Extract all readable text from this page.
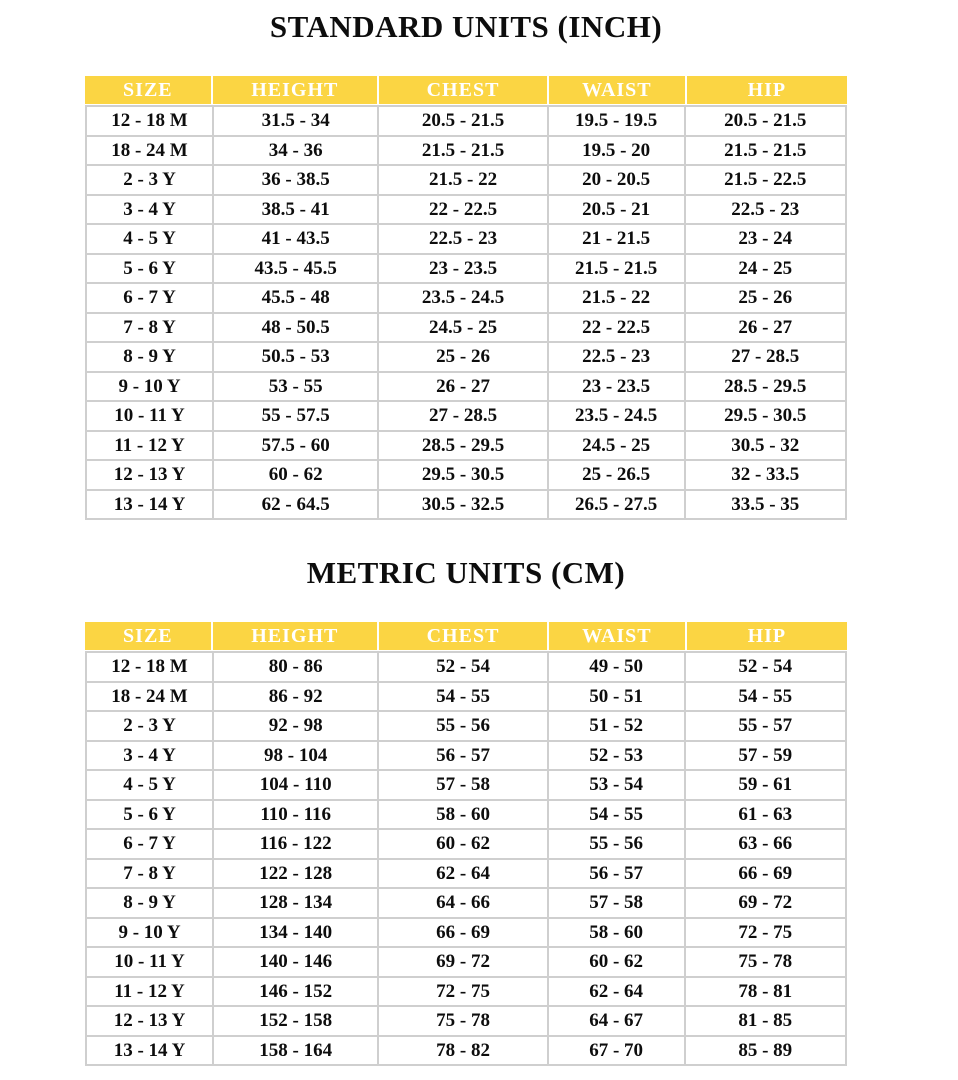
STANDARD UNITS (INCH)
SIZE	HEIGHT	CHEST	WAIST	HIP
12 - 18 M	31.5 - 34	20.5 - 21.5	19.5 - 19.5	20.5 - 21.5
18 - 24 M	34 - 36	21.5 - 21.5	19.5 - 20	21.5 - 21.5
2 - 3 Y	36 - 38.5	21.5 - 22	20 - 20.5	21.5 - 22.5
3 - 4 Y	38.5 - 41	22 - 22.5	20.5 - 21	22.5 - 23
4 - 5 Y	41 - 43.5	22.5 - 23	21 - 21.5	23 - 24
5 - 6 Y	43.5 - 45.5	23 - 23.5	21.5 - 21.5	24 - 25
6 - 7 Y	45.5 - 48	23.5 - 24.5	21.5 - 22	25 - 26
7 - 8 Y	48 - 50.5	24.5 - 25	22 - 22.5	26 - 27
8 - 9 Y	50.5 - 53	25 - 26	22.5 - 23	27 - 28.5
9 - 10 Y	53 - 55	26 - 27	23 - 23.5	28.5 - 29.5
10 - 11 Y	55 - 57.5	27 - 28.5	23.5 - 24.5	29.5 - 30.5
11 - 12 Y	57.5 - 60	28.5 - 29.5	24.5 - 25	30.5 - 32
12 - 13 Y	60 - 62	29.5 - 30.5	25 - 26.5	32 - 33.5
13 - 14 Y	62 - 64.5	30.5 - 32.5	26.5 - 27.5	33.5 - 35
METRIC UNITS (CM)
SIZE	HEIGHT	CHEST	WAIST	HIP
12 - 18 M	80 - 86	52 - 54	49 - 50	52 - 54
18 - 24 M	86 - 92	54 - 55	50 - 51	54 - 55
2 - 3 Y	92 - 98	55 - 56	51 - 52	55 - 57
3 - 4 Y	98 - 104	56 - 57	52 - 53	57 - 59
4 - 5 Y	104 - 110	57 - 58	53 - 54	59 - 61
5 - 6 Y	110 - 116	58 - 60	54 - 55	61 - 63
6 - 7 Y	116 - 122	60 - 62	55 - 56	63 - 66
7 - 8 Y	122 - 128	62 - 64	56 - 57	66 - 69
8 - 9 Y	128 - 134	64 - 66	57 - 58	69 - 72
9 - 10 Y	134 - 140	66 - 69	58 - 60	72 - 75
10 - 11 Y	140 - 146	69 - 72	60 - 62	75 - 78
11 - 12 Y	146 - 152	72 - 75	62 - 64	78 - 81
12 - 13 Y	152 - 158	75 - 78	64 - 67	81 - 85
13 - 14 Y	158 - 164	78 - 82	67 - 70	85 - 89
